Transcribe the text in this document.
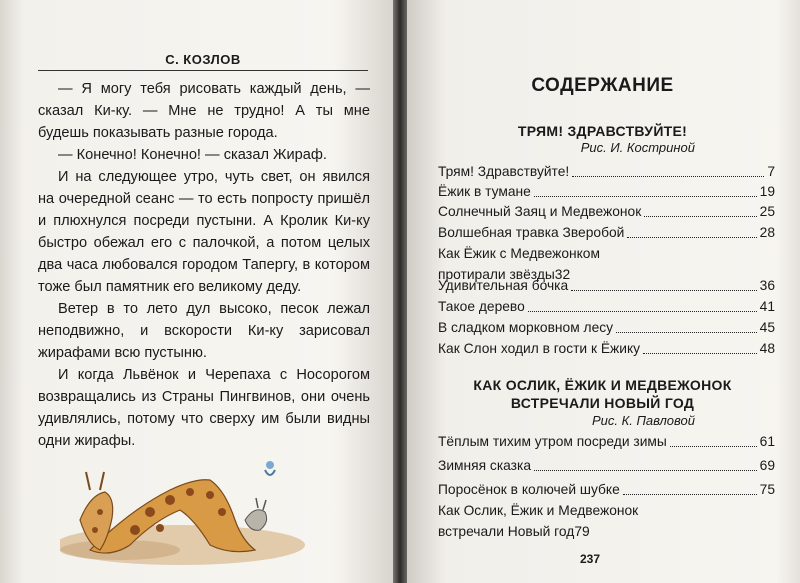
С. КОЗЛОВ

— Я могу тебя рисовать каждый день, — сказал Ки-ку. — Мне не трудно! А ты мне будешь показывать разные города.

— Конечно! Конечно! — сказал Жираф.

И на следующее утро, чуть свет, он явился на очередной сеанс — то есть попросту пришёл и плюхнулся посреди пустыни. А Кролик Ки-ку быстро обежал его с палочкой, а потом целых два часа любовался городом Тапергу, в котором тоже был памятник его великому деду.

Ветер в то лето дул высоко, песок лежал неподвижно, и вскорости Ки-ку зарисовал жирафами всю пустыню.

И когда Львёнок и Черепаха с Носорогом возвращались из Страны Пингвинов, они очень удивлялись, потому что сверху им были видны одни жирафы.

СОДЕРЖАНИЕ
ТРЯМ! ЗДРАВСТВУЙТЕ!
Рис. И. Костриной
Трям! Здравствуйте!	7
Ёжик в тумане	19
Солнечный Заяц и Медвежонок	25
Волшебная травка Зверобой	28
Как Ёжик с Медвежонком
протирали звёзды 32
Удивительная бочка	36
Такое дерево	41
В сладком морковном лесу	45
Как Слон ходил в гости к Ёжику	48
КАК ОСЛИК, ЁЖИК И МЕДВЕЖОНОК
ВСТРЕЧАЛИ НОВЫЙ ГОД
Рис. К. Павловой
Тёплым тихим утром посреди зимы	61
Зимняя сказка	69
Поросёнок в колючей шубке	75
Как Ослик, Ёжик и Медвежонок
встречали Новый год 79
237
